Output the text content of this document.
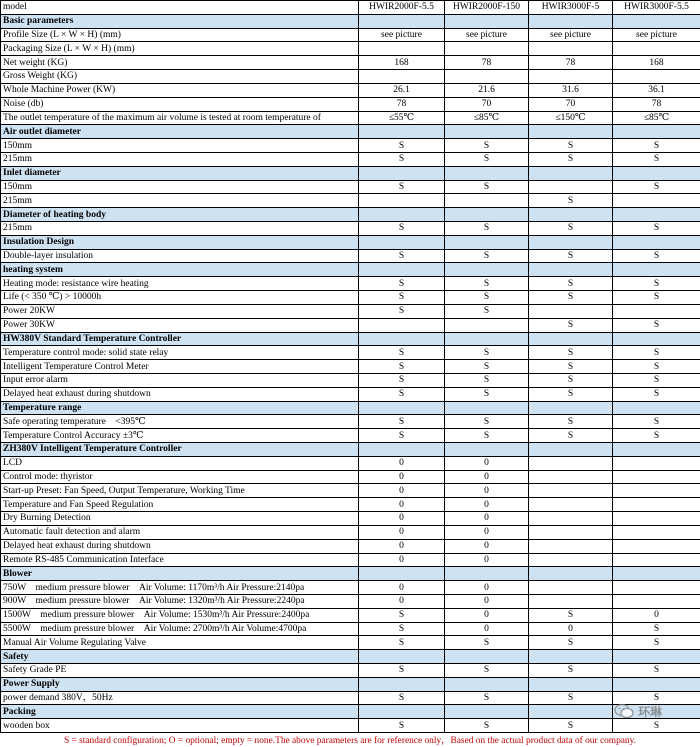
model	HWIR2000F-5.5	HWIR2000F-150	HWIR3000F-5	HWIR3000F-5.5
Basic parameters				
Profile Size (L × W × H) (mm)	see picture	see picture	see picture	see picture
Packaging Size (L × W × H) (mm)				
Net weight (KG)	168	78	78	168
Gross Weight (KG)				
Whole Machine Power (KW)	26.1	21.6	31.6	36.1
Noise (db)	78	70	70	78
The outlet temperature of the maximum air volume is tested at room temperature of	≤55℃	≤85℃	≤150℃	≤85℃
Air outlet diameter				
150mm	S	S	S	S
215mm	S	S	S	S
Inlet diameter				
150mm	S	S		S
215mm			S	
Diameter of heating body				
215mm	S	S	S	S
Insulation Design				
Double-layer insulation	S	S	S	S
heating system				
Heating mode: resistance wire heating	S	S	S	S
Life (< 350 ℃) > 10000h	S	S	S	S
Power 20KW	S	S		
Power 30KW			S	S
HW380V Standard Temperature Controller				
Temperature control mode: solid state relay	S	S	S	S
Intelligent Temperature Control Meter	S	S	S	S
Input error alarm	S	S	S	S
Delayed heat exhaust during shutdown	S	S	S	S
Temperature range				
Safe operating temperature　<395℃	S	S	S	S
Temperature Control Accuracy ±3℃	S	S	S	S
ZH380V Intelligent Temperature Controller				
LCD	0	0		
Control mode: thyristor	0	0		
Start-up Preset: Fan Speed, Output Temperature, Working Time	0	0		
Temperature and Fan Speed Regulation	0	0		
Dry Burning Detection	0	0		
Automatic fault detection and alarm	0	0		
Delayed heat exhaust during shutdown	0	0		
Remote RS-485 Communication Interface	0	0		
Blower				
750W　medium pressure blower　Air Volume: 1170m³/h Air Pressure:2140pa	0	0		
900W　medium pressure blower　Air Volume: 1320m³/h Air Pressure:2240pa	0	0		
1500W　medium pressure blower　Air Volume: 1530m³/h Air Pressure:2400pa	S	0	S	0
5500W　medium pressure blower　Air Volume: 2700m³/h Air Volume:4700pa	S	0	0	S
Manual Air Volume Regulating Valve	S	S	S	S
Safety				
Safety Grade PE	S	S	S	S
Power Supply				
power demand 380V，50Hz	S	S	S	S
Packing				
wooden box	S	S	S	S
环琳
S = standard configuration; O = optional; empty = none.The above parameters are for reference only，Based on the actual product data of our company.
